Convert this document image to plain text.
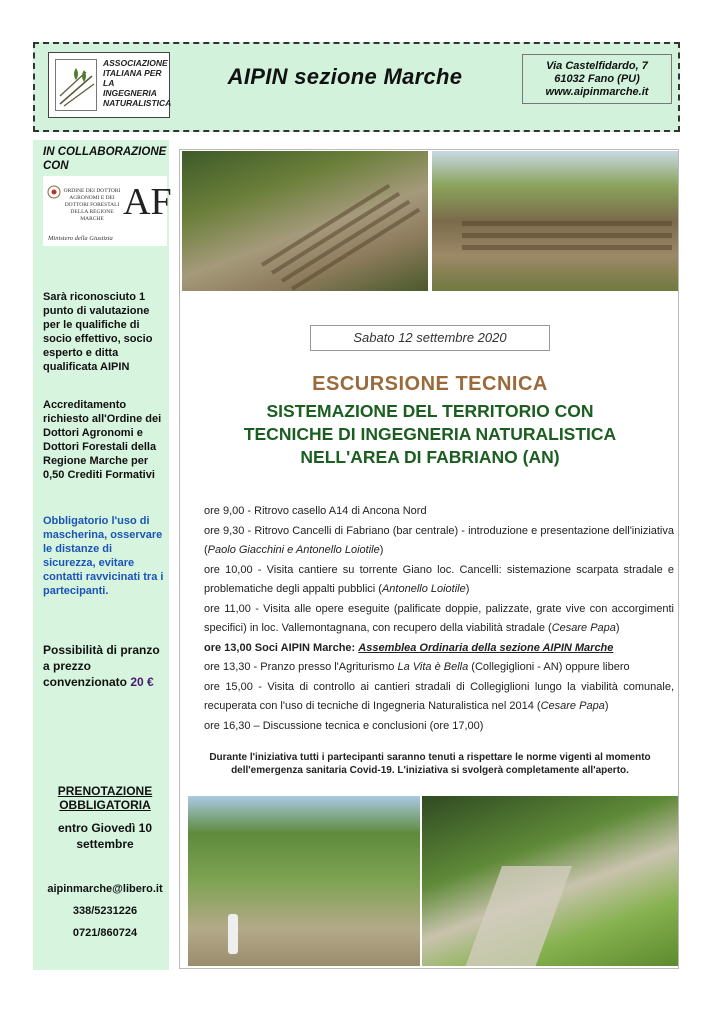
ASSOCIAZIONE ITALIANA PER LA INGEGNERIA NATURALISTICA
AIPIN sezione Marche	Via Castelfidardo, 7
61032 Fano (PU)
www.aipinmarche.it
IN COLLABORAZIONE CON
ORDINE DEI DOTTORI AGRONOMI E DEI DOTTORI FORESTALI DELLA REGIONE MARCHE AF
Ministero della Giustizia
Sarà riconosciuto 1 punto di valutazione per le qualifiche di socio effettivo, socio esperto e ditta qualificata AIPIN
Accreditamento richiesto all'Ordine dei Dottori Agronomi e Dottori Forestali della Regione Marche per 0,50 Crediti Formativi
Obbligatorio l'uso di mascherina, osservare le distanze di sicurezza, evitare contatti ravvicinati tra i partecipanti.
Possibilità di pranzo a prezzo convenzionato 20 €
PRENOTAZIONE OBBLIGATORIA
entro Giovedì 10 settembre
aipinmarche@libero.it
338/5231226
0721/860724
Sabato 12 settembre 2020
ESCURSIONE TECNICA
SISTEMAZIONE DEL TERRITORIO CON
TECNICHE DI INGEGNERIA NATURALISTICA
NELL'AREA DI FABRIANO (AN)
ore 9,00 - Ritrovo casello A14 di Ancona Nord
ore 9,30 - Ritrovo Cancelli di Fabriano (bar centrale) - introduzione e presentazione dell'iniziativa (Paolo Giacchini e Antonello Loiotile)
ore 10,00 - Visita cantiere su torrente Giano loc. Cancelli: sistemazione scarpata stradale e problematiche degli appalti pubblici (Antonello Loiotile)
ore 11,00 - Visita alle opere eseguite (palificate doppie, palizzate, grate vive con accorgimenti specifici) in loc. Vallemontagnana, con recupero della viabilità stradale (Cesare Papa)
ore 13,00 Soci AIPIN Marche: Assemblea Ordinaria della sezione AIPIN Marche
ore 13,30 - Pranzo presso l'Agriturismo La Vita è Bella (Collegiglioni - AN) oppure libero
ore 15,00 - Visita di controllo ai cantieri stradali di Collegiglioni lungo la viabilità comunale, recuperata con l'uso di tecniche di Ingegneria Naturalistica nel 2014 (Cesare Papa)
ore 16,30 – Discussione tecnica e conclusioni (ore 17,00)
Durante l'iniziativa tutti i partecipanti saranno tenuti a rispettare le norme vigenti al momento dell'emergenza sanitaria Covid-19. L'iniziativa si svolgerà completamente all'aperto.
